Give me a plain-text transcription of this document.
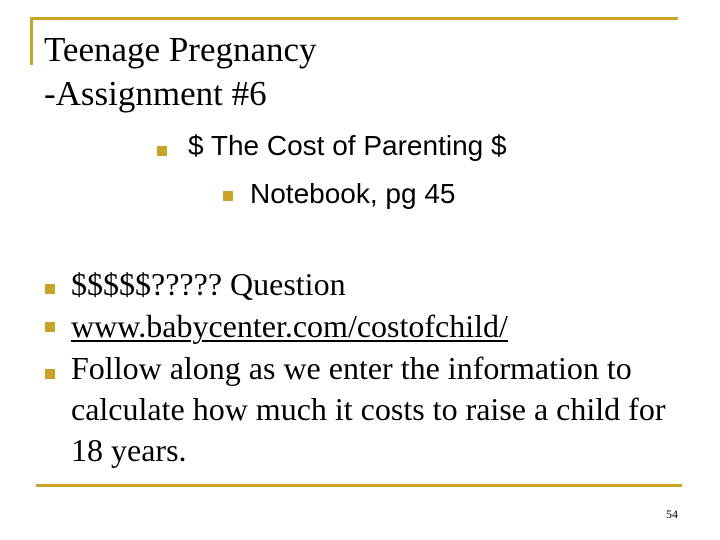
Teenage Pregnancy
-Assignment #6
$ The Cost of Parenting $
Notebook, pg 45
$$$$$????? Question
www.babycenter.com/costofchild/
Follow along as we enter the information to calculate how much it costs to raise a child for 18 years.
54
